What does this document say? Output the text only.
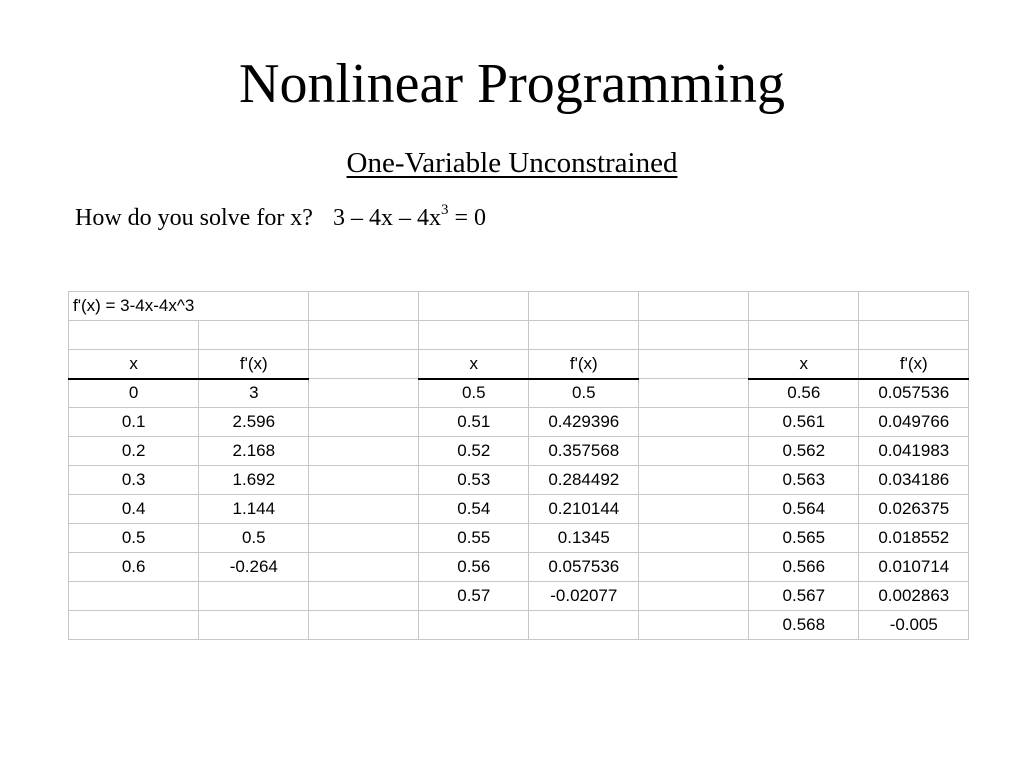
Nonlinear Programming
One-Variable Unconstrained
How do you solve for x? $3 - 4x - 4x^3 = 0$
f'(x) = 3-4x-4x^3							

x	f'(x)		x	f'(x)		x	f'(x)
0	3		0.5	0.5		0.56	0.057536
0.1	2.596		0.51	0.429396		0.561	0.049766
0.2	2.168		0.52	0.357568		0.562	0.041983
0.3	1.692		0.53	0.284492		0.563	0.034186
0.4	1.144		0.54	0.210144		0.564	0.026375
0.5	0.5		0.55	0.1345		0.565	0.018552
0.6	-0.264		0.56	0.057536		0.566	0.010714
			0.57	-0.02077		0.567	0.002863
						0.568	-0.005
